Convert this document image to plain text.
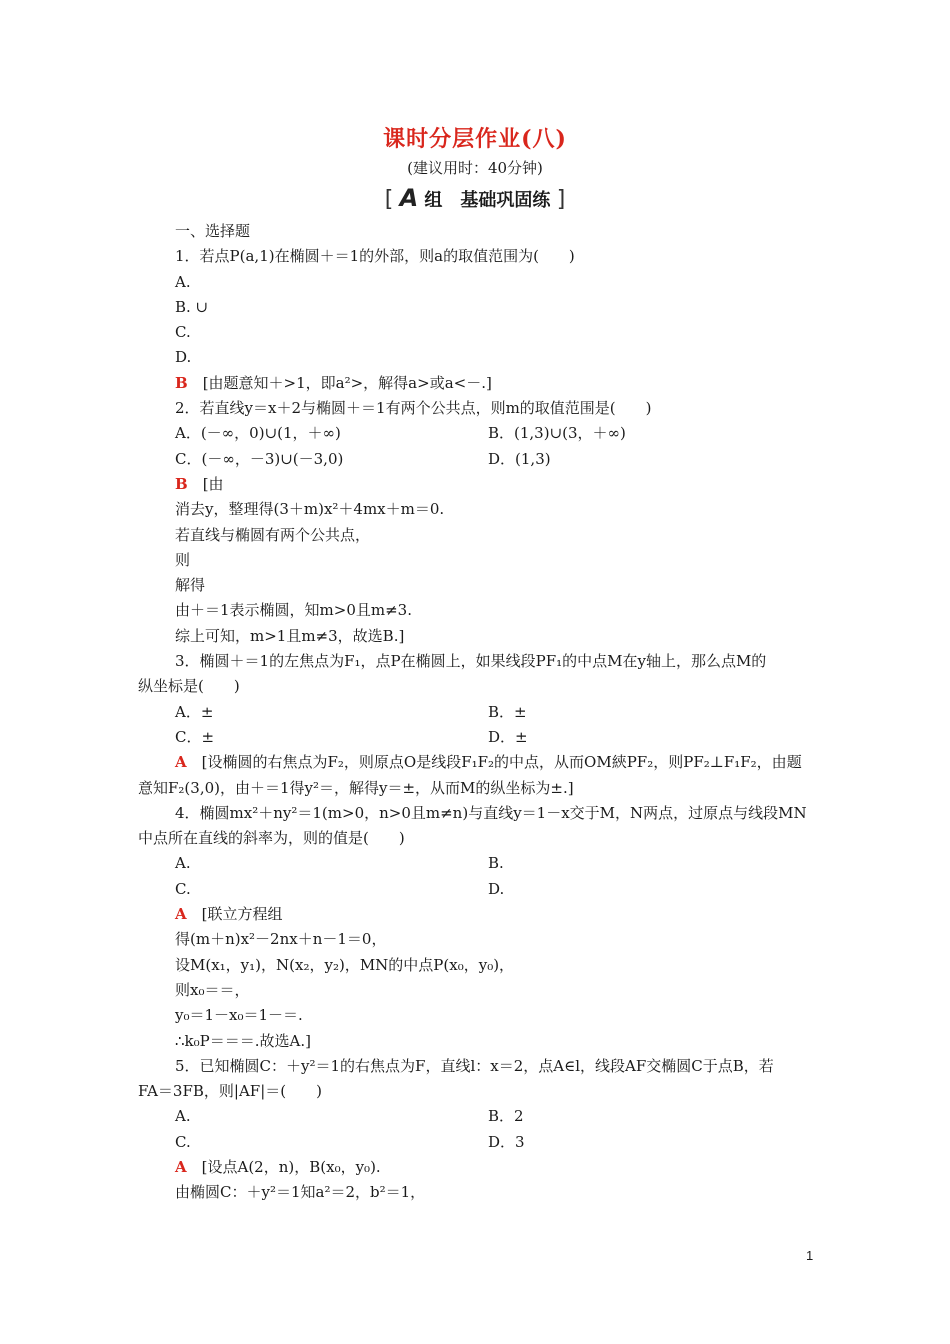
课时分层作业(八)
(建议用时：40分钟)
[ A 组　基础巩固练 ]
一、选择题
1．若点P(a,1)在椭圆＋＝1的外部，则a的取值范围为(　　)
A.
B. ∪
C.
D.
B　[由题意知＋>1，即a²>，解得a>或a<－.]
2．若直线y＝x＋2与椭圆＋＝1有两个公共点，则m的取值范围是(　　)
A．(－∞，0)∪(1，＋∞)	B．(1,3)∪(3，＋∞)
C．(－∞，－3)∪(－3,0)	D．(1,3)
B　[由
消去y，整理得(3＋m)x²＋4mx＋m＝0.
若直线与椭圆有两个公共点，
则
解得
由＋＝1表示椭圆，知m>0且m≠3.
综上可知，m>1且m≠3，故选B.]
3．椭圆＋＝1的左焦点为F₁，点P在椭圆上，如果线段PF₁的中点M在y轴上，那么点M的
纵坐标是(　　)
A．±	B．±
C．±	D．±
A　[设椭圆的右焦点为F₂，则原点O是线段F₁F₂的中点，从而OM綊PF₂，则PF₂⊥F₁F₂，由题
意知F₂(3,0)，由＋＝1得y²＝，解得y＝±，从而M的纵坐标为±.]
4．椭圆mx²＋ny²＝1(m>0，n>0且m≠n)与直线y＝1－x交于M，N两点，过原点与线段MN
中点所在直线的斜率为，则的值是(　　)
A.	B.
C.	D.
A　[联立方程组
得(m＋n)x²－2nx＋n－1＝0，
设M(x₁，y₁)，N(x₂，y₂)，MN的中点P(x₀，y₀)，
则x₀＝＝，
y₀＝1－x₀＝1－＝.
∴k₀P＝＝＝.故选A.]
5．已知椭圆C：＋y²＝1的右焦点为F，直线l：x＝2，点A∈l，线段AF交椭圆C于点B，若
FA＝3FB，则|AF|＝(　　)
A.	B．2
C.	D．3
A　[设点A(2，n)，B(x₀，y₀).
由椭圆C：＋y²＝1知a²＝2，b²＝1，
1
